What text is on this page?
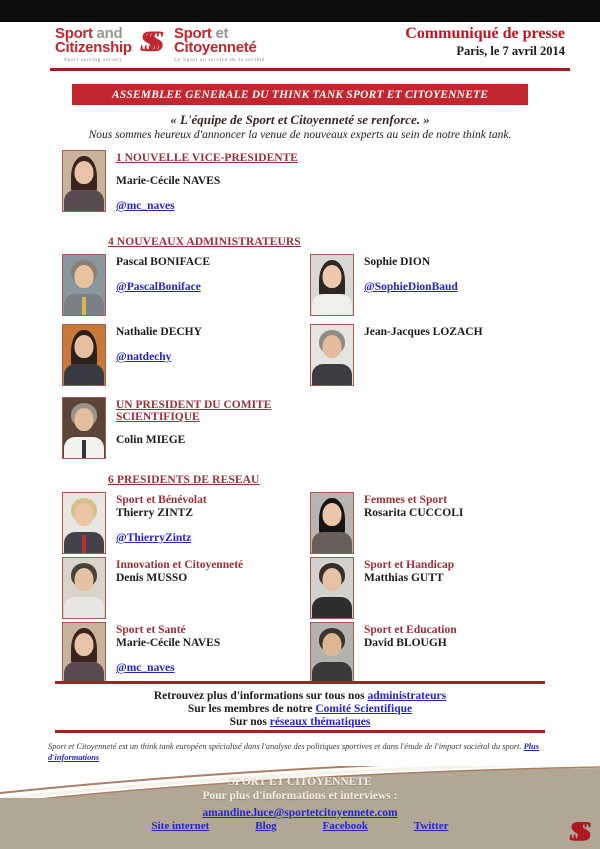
Sport and
Citizenship
Sport serving society
SSS	Sport et
Citoyenneté
Le Sport au service de la société
Communiqué de presse
Paris, le 7 avril 2014
ASSEMBLEE GENERALE DU THINK TANK SPORT ET CITOYENNETE
« L'équipe de Sport et Citoyenneté se renforce. »
Nous sommes heureux d'annoncer la venue de nouveaux experts au sein de notre think tank.
1 NOUVELLE VICE-PRESIDENTE
Marie-Cécile NAVES
@mc_naves
4 NOUVEAUX ADMINISTRATEURS
Pascal BONIFACE
@PascalBoniface
Sophie DION
@SophieDionBaud
Nathalie DECHY
@natdechy
Jean-Jacques LOZACH
UN PRESIDENT DU COMITE SCIENTIFIQUE
Colin MIEGE
6 PRESIDENTS DE RESEAU
Sport et Bénévolat
Thierry ZINTZ
@ThierryZintz
Femmes et Sport
Rosarita CUCCOLI
Innovation et Citoyenneté
Denis MUSSO
Sport et Handicap
Matthias GUTT
Sport et Santé
Marie-Cécile NAVES
@mc_naves
Sport et Education
David BLOUGH
Retrouvez plus d'informations sur tous nos administrateurs
Sur les membres de notre Comité Scientifique
Sur nos réseaux thématiques
Sport et Citoyenneté est un think tank européen spécialisé dans l'analyse des politiques sportives et dans l'étude de l'impact sociétal du sport. Plus d'informations
SPORT ET CITOYENNETE
Pour plus d'informations et interviews :
amandine.luce@sportetcitoyennete.com
Site internet	Blog	Facebook	Twitter	SSS
